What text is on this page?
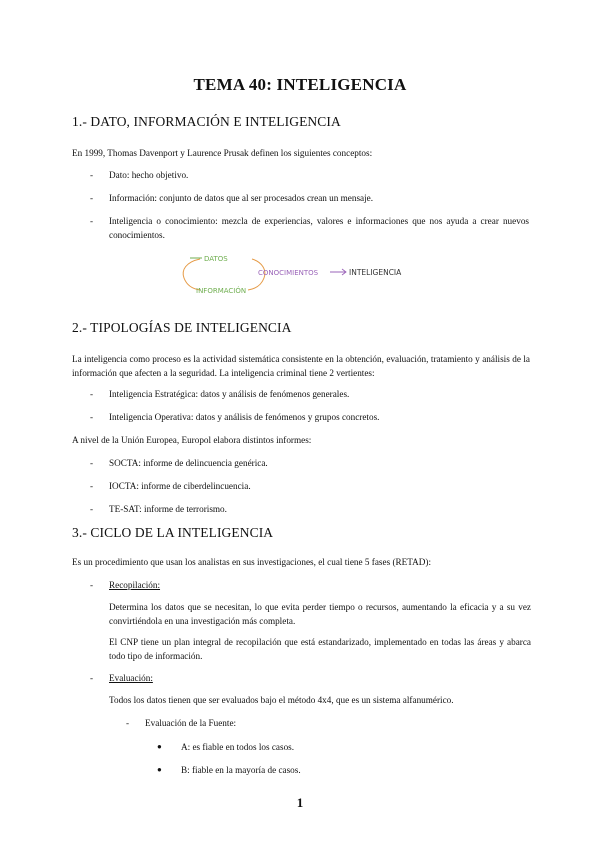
TEMA 40: INTELIGENCIA
1.- DATO, INFORMACIÓN E INTELIGENCIA
En 1999, Thomas Davenport y Laurence Prusak definen los siguientes conceptos:
- Dato: hecho objetivo.
- Información: conjunto de datos que al ser procesados crean un mensaje.
- Inteligencia o conocimiento: mezcla de experiencias, valores e informaciones que nos ayuda a crear nuevos conocimientos.
DATOS
INFORMACIÓN
CONOCIMIENTOS	INTELIGENCIA
2.- TIPOLOGÍAS DE INTELIGENCIA
La inteligencia como proceso es la actividad sistemática consistente en la obtención, evaluación, tratamiento y análisis de la información que afecten a la seguridad. La inteligencia criminal tiene 2 vertientes:
- Inteligencia Estratégica: datos y análisis de fenómenos generales.
- Inteligencia Operativa: datos y análisis de fenómenos y grupos concretos.
A nivel de la Unión Europea, Europol elabora distintos informes:
- SOCTA: informe de delincuencia genérica.
- IOCTA: informe de ciberdelincuencia.
- TE-SAT: informe de terrorismo.
3.- CICLO DE LA INTELIGENCIA
Es un procedimiento que usan los analistas en sus investigaciones, el cual tiene 5 fases (RETAD):
- Recopilación:
Determina los datos que se necesitan, lo que evita perder tiempo o recursos, aumentando la eficacia y a su vez convirtiéndola en una investigación más completa.
El CNP tiene un plan integral de recopilación que está estandarizado, implementado en todas las áreas y abarca todo tipo de información.
- Evaluación:
Todos los datos tienen que ser evaluados bajo el método 4x4, que es un sistema alfanumérico.
- Evaluación de la Fuente:
● A: es fiable en todos los casos.
● B: fiable en la mayoría de casos.
1
